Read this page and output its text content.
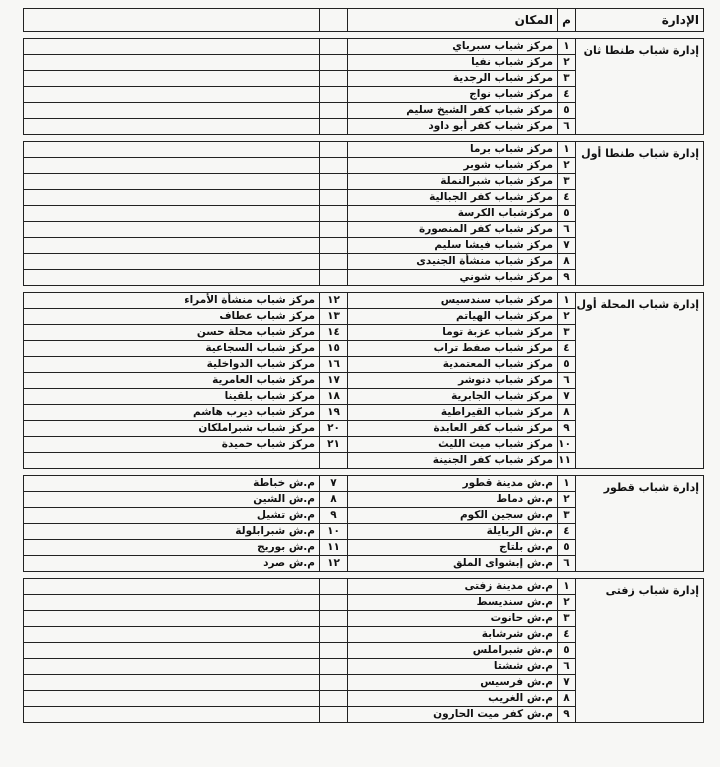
الإدارة	م	المكان		

إدارة شباب طنطا ثان	١	مركز شباب سبرباي		
	٢	مركز شباب نفيا		
	٣	مركز شباب الرجدية		
	٤	مركز شباب نواج		
	٥	مركز شباب كفر الشيخ سليم		
	٦	مركز شباب كفر أبو داود		

إدارة شباب طنطا أول	١	مركز شباب برما		
	٢	مركز شباب شوبر		
	٣	مركز شباب شبرالنملة		
	٤	مركز شباب كفر الجبالية		
	٥	مركزشباب الكرسة		
	٦	مركز شباب كفر المنصورة		
	٧	مركز شباب فيشا سليم		
	٨	مركز شباب منشأة الجنيدى		
	٩	مركز شباب شوني		

إدارة شباب المحلة أول	١	مركز شباب سندسيس	١٢	مركز شباب منشأة الأمراء
	٢	مركز شباب الهياتم	١٣	مركز شباب عطاف
	٣	مركز شباب عزبة توما	١٤	مركز شباب محلة حسن
	٤	مركز شباب صفط تراب	١٥	مركز شباب السجاعية
	٥	مركز شباب المعتمدية	١٦	مركز شباب الدواخلية
	٦	مركز شباب دنوشر	١٧	مركز شباب العامرية
	٧	مركز شباب الجابرية	١٨	مركز شباب بلقينا
	٨	مركز شباب القيراطية	١٩	مركز شباب ديرب هاشم
	٩	مركز شباب كفر العابدة	٢٠	مركز شباب شبراملكان
	١٠	مركز شباب ميت الليث	٢١	مركز شباب حميدة
	١١	مركز شباب كفر الجنينة		

إدارة شباب قطور	١	م.ش مدينة قطور	٧	م.ش خباطة
	٢	م.ش دماط	٨	م.ش الشين
	٣	م.ش سجين الكوم	٩	م.ش تشيل
	٤	م.ش الربايلة	١٠	م.ش شبرابلولة
	٥	م.ش بلتاج	١١	م.ش بوريج
	٦	م.ش إبشواى الملق	١٢	م.ش صرد

إدارة شباب زفتى	١	م.ش مدينة زفتى		
	٢	م.ش سنديسط		
	٣	م.ش حانوت		
	٤	م.ش شرشابة		
	٥	م.ش شبراملس		
	٦	م.ش ششتا		
	٧	م.ش فرسيس		
	٨	م.ش الغريب		
	٩	م.ش كفر ميت الحارون		
